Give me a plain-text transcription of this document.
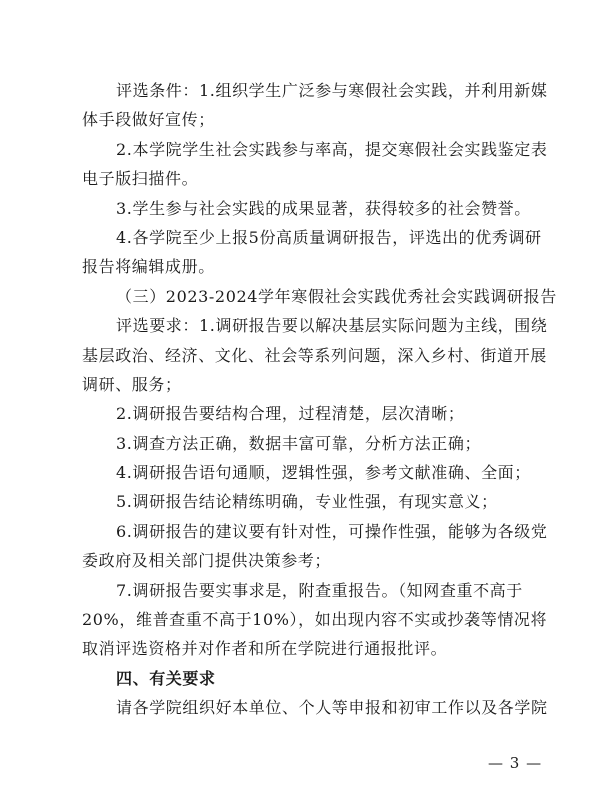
评选条件：1.组织学生广泛参与寒假社会实践，并利用新媒
体手段做好宣传；
2.本学院学生社会实践参与率高，提交寒假社会实践鉴定表
电子版扫描件。
3.学生参与社会实践的成果显著，获得较多的社会赞誉。
4.各学院至少上报5份高质量调研报告，评选出的优秀调研
报告将编辑成册。
（三）2023-2024学年寒假社会实践优秀社会实践调研报告
评选要求：1.调研报告要以解决基层实际问题为主线，围绕
基层政治、经济、文化、社会等系列问题，深入乡村、街道开展
调研、服务；
2.调研报告要结构合理，过程清楚，层次清晰；
3.调查方法正确，数据丰富可靠，分析方法正确；
4.调研报告语句通顺，逻辑性强，参考文献准确、全面；
5.调研报告结论精练明确，专业性强，有现实意义；
6.调研报告的建议要有针对性，可操作性强，能够为各级党
委政府及相关部门提供决策参考；
7.调研报告要实事求是，附查重报告。（知网查重不高于
20%，维普查重不高于10%），如出现内容不实或抄袭等情况将
取消评选资格并对作者和所在学院进行通报批评。
四、有关要求
请各学院组织好本单位、个人等申报和初审工作以及各学院
— 3 —
